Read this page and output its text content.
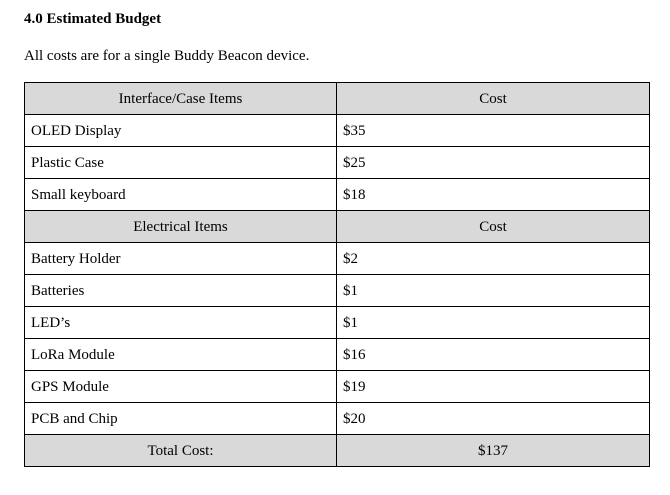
4.0 Estimated Budget
All costs are for a single Buddy Beacon device.
Interface/Case Items	Cost
OLED Display	$35
Plastic Case	$25
Small keyboard	$18
Electrical Items	Cost
Battery Holder	$2
Batteries	$1
LED’s	$1
LoRa Module	$16
GPS Module	$19
PCB and Chip	$20
Total Cost:	$137
